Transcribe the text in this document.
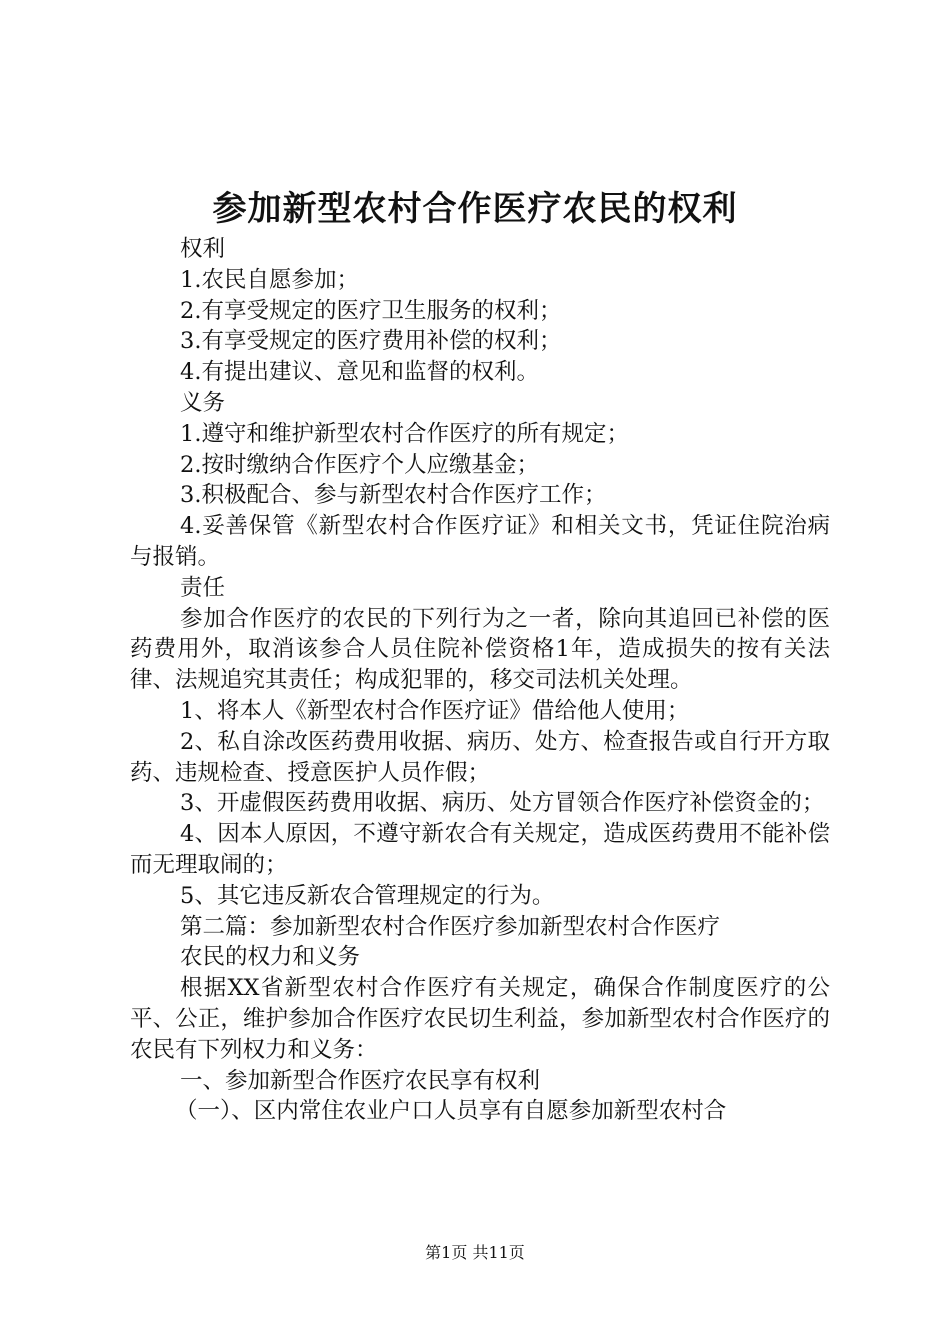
参加新型农村合作医疗农民的权利

权利

1.农民自愿参加；

2.有享受规定的医疗卫生服务的权利；

3.有享受规定的医疗费用补偿的权利；

4.有提出建议、意见和监督的权利。

义务

1.遵守和维护新型农村合作医疗的所有规定；

2.按时缴纳合作医疗个人应缴基金；

3.积极配合、参与新型农村合作医疗工作；

4.妥善保管《新型农村合作医疗证》和相关文书，凭证住院治病与报销。

责任

参加合作医疗的农民的下列行为之一者，除向其追回已补偿的医药费用外，取消该参合人员住院补偿资格1年，造成损失的按有关法律、法规追究其责任；构成犯罪的，移交司法机关处理。

1、将本人《新型农村合作医疗证》借给他人使用；

2、私自涂改医药费用收据、病历、处方、检查报告或自行开方取药、违规检查、授意医护人员作假；

3、开虚假医药费用收据、病历、处方冒领合作医疗补偿资金的；

4、因本人原因，不遵守新农合有关规定，造成医药费用不能补偿而无理取闹的；

5、其它违反新农合管理规定的行为。

第二篇：参加新型农村合作医疗参加新型农村合作医疗

农民的权力和义务

根据XX省新型农村合作医疗有关规定，确保合作制度医疗的公平、公正，维护参加合作医疗农民切生利益，参加新型农村合作医疗的农民有下列权力和义务：

一、参加新型合作医疗农民享有权利

（一）、区内常住农业户口人员享有自愿参加新型农村合

第1页 共11页
